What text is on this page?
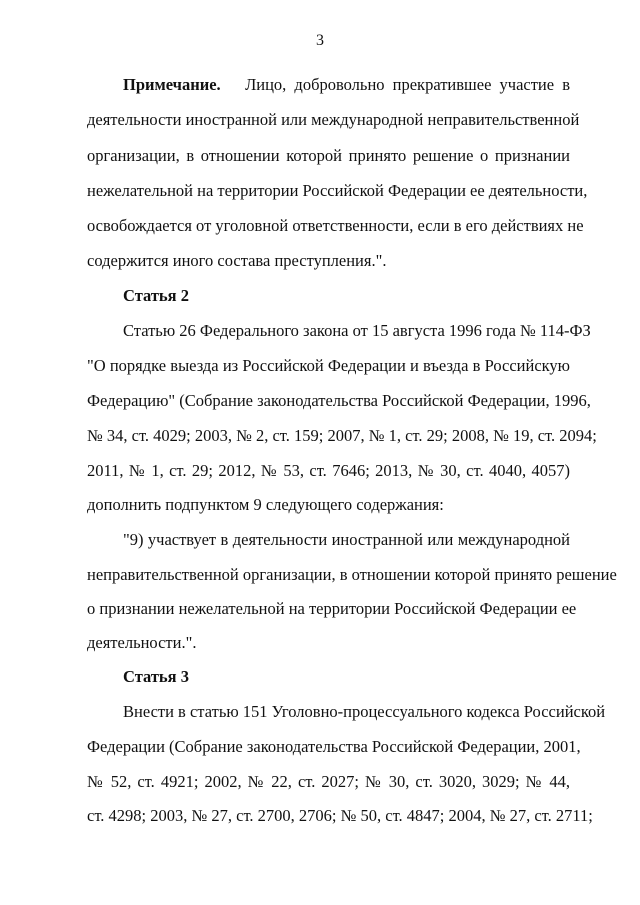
3
Примечание. Лицо, добровольно прекратившее участие в
деятельности иностранной или международной неправительственной
организации, в отношении которой принято решение о признании
нежелательной на территории Российской Федерации ее деятельности,
освобождается от уголовной ответственности, если в его действиях не
содержится иного состава преступления.".
Статья 2
Статью 26 Федерального закона от 15 августа 1996 года № 114-ФЗ
"О порядке выезда из Российской Федерации и въезда в Российскую
Федерацию" (Собрание законодательства Российской Федерации, 1996,
№ 34, ст. 4029; 2003, № 2, ст. 159; 2007, № 1, ст. 29; 2008, № 19, ст. 2094;
2011, № 1, ст. 29; 2012, № 53, ст. 7646; 2013, № 30, ст. 4040, 4057)
дополнить подпунктом 9 следующего содержания:
"9) участвует в деятельности иностранной или международной
неправительственной организации, в отношении которой принято решение
о признании нежелательной на территории Российской Федерации ее
деятельности.".
Статья 3
Внести в статью 151 Уголовно-процессуального кодекса Российской
Федерации (Собрание законодательства Российской Федерации, 2001,
№ 52, ст. 4921; 2002, № 22, ст. 2027; № 30, ст. 3020, 3029; № 44,
ст. 4298; 2003, № 27, ст. 2700, 2706; № 50, ст. 4847; 2004, № 27, ст. 2711;
